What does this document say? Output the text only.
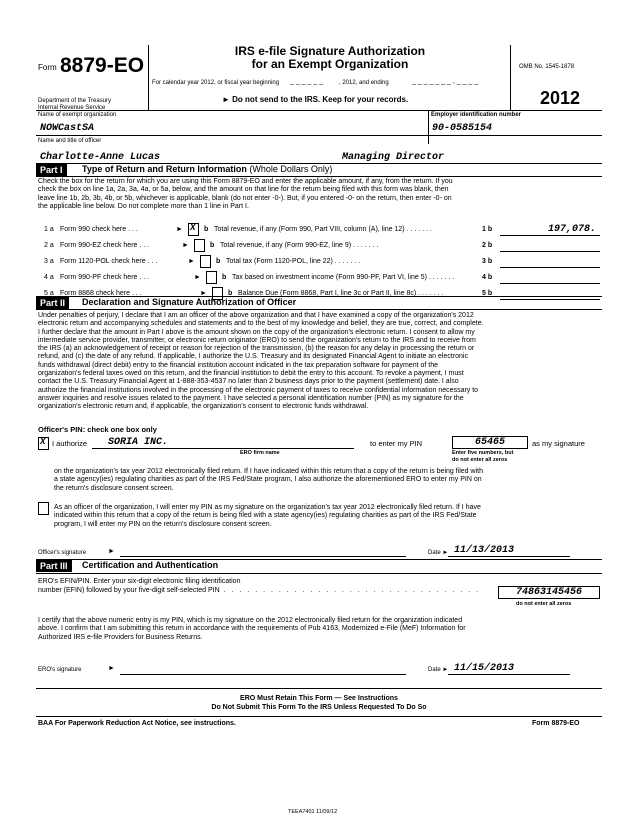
Form 8879-EO
IRS e-file Signature Authorization
for an Exempt Organization
For calendar year 2012, or fiscal year beginning _ _ _ _ _ _	, 2012, and ending	_ _ _ _ _ _ _ , _ _ _ _
OMB No. 1545-1878
2012
Department of the Treasury
Internal Revenue Service
► Do not send to the IRS. Keep for your records.
Name of exempt organization	Employer identification number
NOWCastSA	90-0585154
Name and title of officer
Charlotte-Anne Lucas	Managing Director
Part I	Type of Return and Return Information (Whole Dollars Only)
Check the box for the return for which you are using this Form 8879-EO and enter the applicable amount, if any, from the return. If you
check the box on line 1a, 2a, 3a, 4a, or 5a, below, and the amount on that line for the return being filed with this form was blank, then
leave line 1b, 2b, 3b, 4b, or 5b, whichever is applicable, blank (do not enter -0-). But, if you entered -0- on the return, then enter -0- on
the applicable line below. Do not complete more than 1 line in Part I.
1 a Form 990 check here . . .	► X b Total revenue, if any (Form 990, Part VIII, column (A), line 12) . . . . . . .	1 b	197,078.
2 a Form 990-EZ check here . . .	►	b Total revenue, if any (Form 990-EZ, line 9) . . . . . . .	2 b
3 a Form 1120-POL check here . . .	►	b Total tax (Form 1120-POL, line 22) . . . . . . .	3 b
4 a Form 990-PF check here . . .	►	b Tax based on investment income (Form 990-PF, Part VI, line 5) . . . . . . .	4 b
5 a Form 8868 check here . . .	►	b Balance Due (Form 8868, Part I, line 3c or Part II, line 8c) . . . . . . .	5 b
Part II	Declaration and Signature Authorization of Officer
Under penalties of perjury, I declare that I am an officer of the above organization and that I have examined a copy of the organization's 2012
electronic return and accompanying schedules and statements and to the best of my knowledge and belief, they are true, correct, and complete.
I further declare that the amount in Part I above is the amount shown on the copy of the organization's electronic return. I consent to allow my
intermediate service provider, transmitter, or electronic return originator (ERO) to send the organization's return to the IRS and to receive from
the IRS (a) an acknowledgement of receipt or reason for rejection of the transmission, (b) the reason for any delay in processing the return or
refund, and (c) the date of any refund. If applicable, I authorize the U.S. Treasury and its designated Financial Agent to initiate an electronic
funds withdrawal (direct debit) entry to the financial institution account indicated in the tax preparation software for payment of the
organization's federal taxes owed on this return, and the financial institution to debit the entry to this account. To revoke a payment, I must
contact the U.S. Treasury Financial Agent at 1-888-353-4537 no later than 2 business days prior to the payment (settlement) date. I also
authorize the financial institutions involved in the processing of the electronic payment of taxes to receive confidential information necessary to
answer inquiries and resolve issues related to the payment. I have selected a personal identification number (PIN) as my signature for the
organization's electronic return and, if applicable, the organization's consent to electronic funds withdrawal.
Officer's PIN: check one box only
X I authorize SORIA INC.
ERO firm name
to enter my PIN	65465	as my signature
Enter five numbers, but
do not enter all zeros
on the organization's tax year 2012 electronically filed return. If I have indicated within this return that a copy of the return is being filed with
a state agency(ies) regulating charities as part of the IRS Fed/State program, I also authorize the aforementioned ERO to enter my PIN on
the return's disclosure consent screen.
As an officer of the organization, I will enter my PIN as my signature on the organization's tax year 2012 electronically filed return. If I have
indicated within this return that a copy of the return is being filed with a state agency(ies) regulating charities as part of the IRS Fed/State
program, I will enter my PIN on the return's disclosure consent screen.
Officer's signature	►	Date ► 11/13/2013
Part III	Certification and Authentication
ERO's EFIN/PIN. Enter your six-digit electronic filing identification
number (EFIN) followed by your five-digit self-selected PIN . . . . . . . . . . . . . . . . . . . . . . . . . . . . . . . . .	74863145456
do not enter all zeros
I certify that the above numeric entry is my PIN, which is my signature on the 2012 electronically filed return for the organization indicated
above. I confirm that I am submitting this return in accordance with the requirements of Pub 4163, Modernized e-File (MeF) Information for
Authorized IRS e-file Providers for Business Returns.
ERO's signature	►	Date ► 11/15/2013
ERO Must Retain This Form — See Instructions
Do Not Submit This Form To the IRS Unless Requested To Do So
BAA For Paperwork Reduction Act Notice, see instructions.	Form 8879-EO
TEEA7401 11/09/12
